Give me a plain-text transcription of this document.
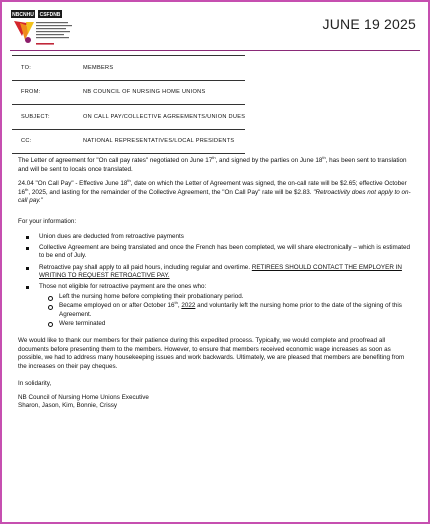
NBCNHU CSFDNB
JUNE 19 2025
TO:	MEMBERS
FROM:	NB COUNCIL OF NURSING HOME UNIONS
SUBJECT:	ON CALL PAY/COLLECTIVE AGREEMENTS/UNION DUES
CC:	NATIONAL REPRESENTATIVES/LOCAL PRESIDENTS

The Letter of agreement for "On call pay rates" negotiated on June 17th, and signed by the parties on June 18th, has been sent to translation and will be sent to locals once translated.

24.04 "On Call Pay" - Effective June 18th, date on which the Letter of Agreement was signed, the on-call rate will be $2.65; effective October 16th, 2025, and lasting for the remainder of the Collective Agreement, the "On Call Pay" rate will be $2.83. "Retroactivity does not apply to on-call pay."

For your information:

Union dues are deducted from retroactive payments
Collective Agreement are being translated and once the French has been completed, we will share electronically – which is estimated to be end of July.
Retroactive pay shall apply to all paid hours, including regular and overtime. RETIREES SHOULD CONTACT THE EMPLOYER IN WRITING TO REQUEST RETROACTIVE PAY.
Those not eligible for retroactive payment are the ones who:
Left the nursing home before completing their probationary period.
Became employed on or after October 16th, 2022 and voluntarily left the nursing home prior to the date of the signing of this Agreement.
Were terminated

We would like to thank our members for their patience during this expedited process. Typically, we would complete and proofread all documents before presenting them to the members. However, to ensure that members received economic wage increases as soon as possible, we had to address many housekeeping issues and work backwards. Ultimately, we are pleased that members are benefiting from the increases on their pay cheques.

In solidarity,
NB Council of Nursing Home Unions Executive
Sharon, Jason, Kim, Bonnie, Crissy
